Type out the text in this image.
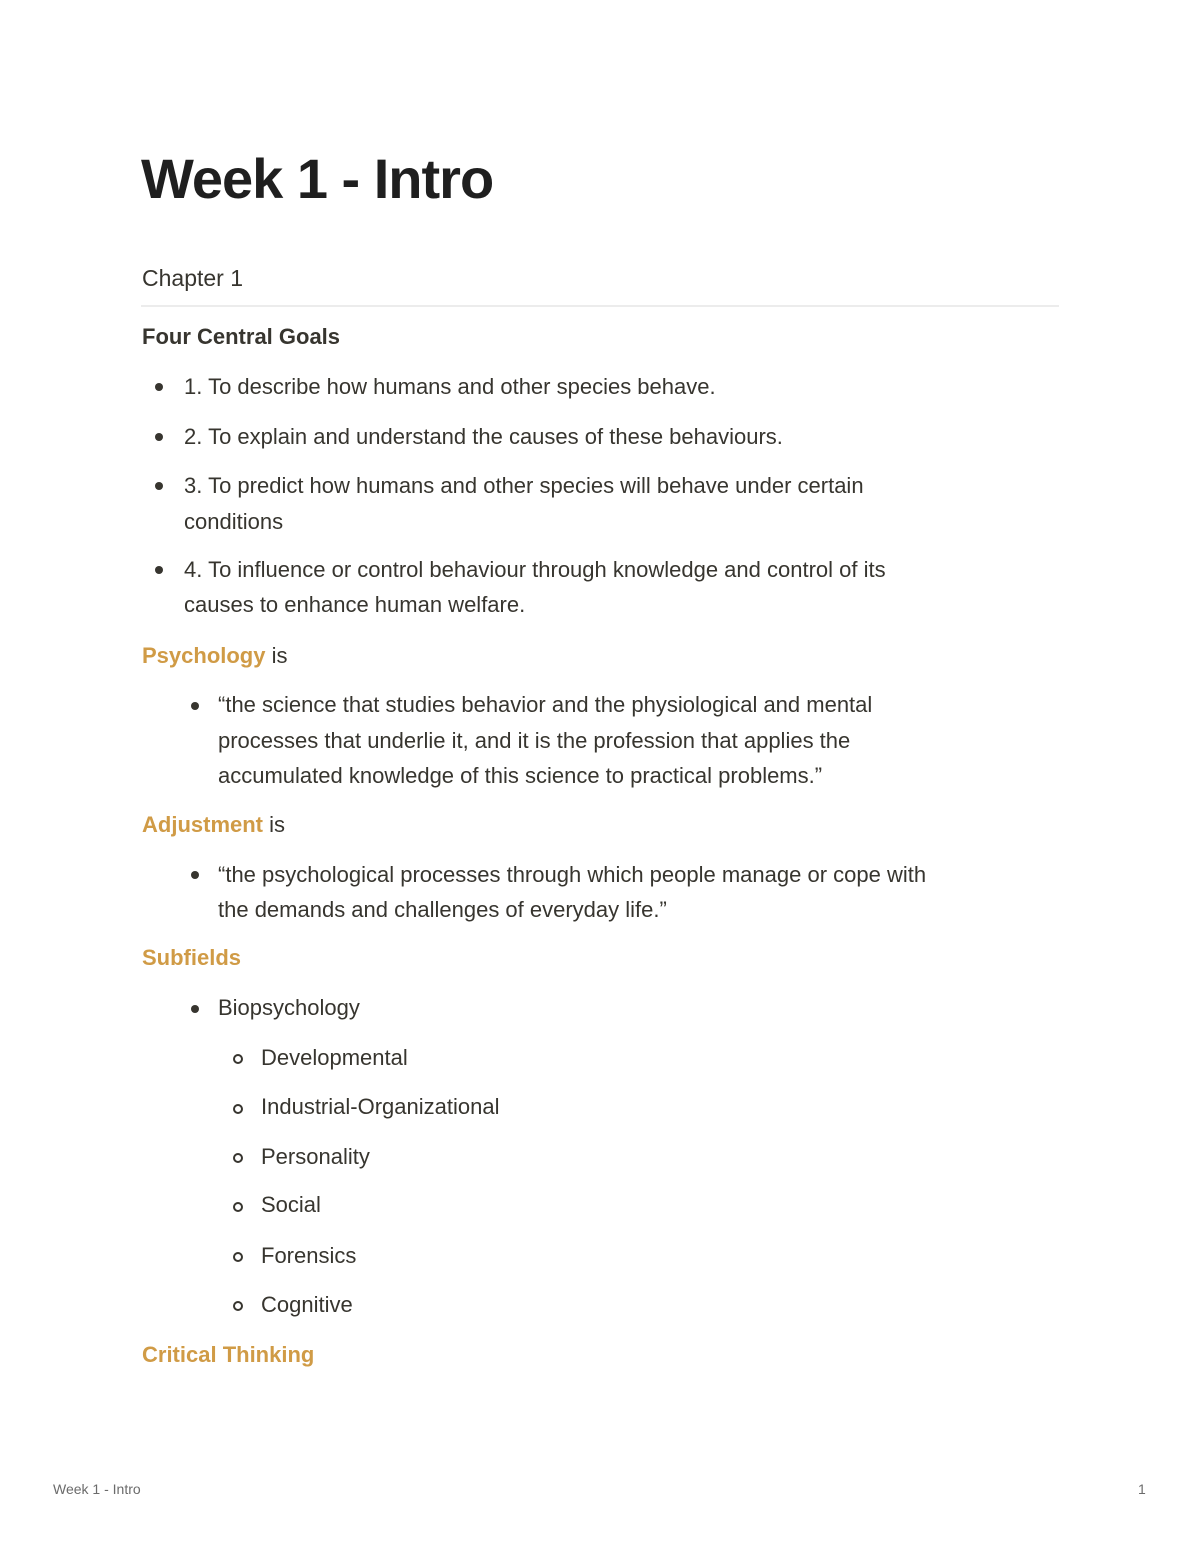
Week 1 - Intro
Chapter 1
Four Central Goals
1. To describe how humans and other species behave.
2. To explain and understand the causes of these behaviours.
3. To predict how humans and other species will behave under certain
conditions
4. To influence or control behaviour through knowledge and control of its
causes to enhance human welfare.
Psychology is
“the science that studies behavior and the physiological and mental
processes that underlie it, and it is the profession that applies the
accumulated knowledge of this science to practical problems.”
Adjustment is
“the psychological processes through which people manage or cope with
the demands and challenges of everyday life.”
Subfields
Biopsychology
Developmental
Industrial-Organizational
Personality
Social
Forensics
Cognitive
Critical Thinking
Week 1 - Intro	1
